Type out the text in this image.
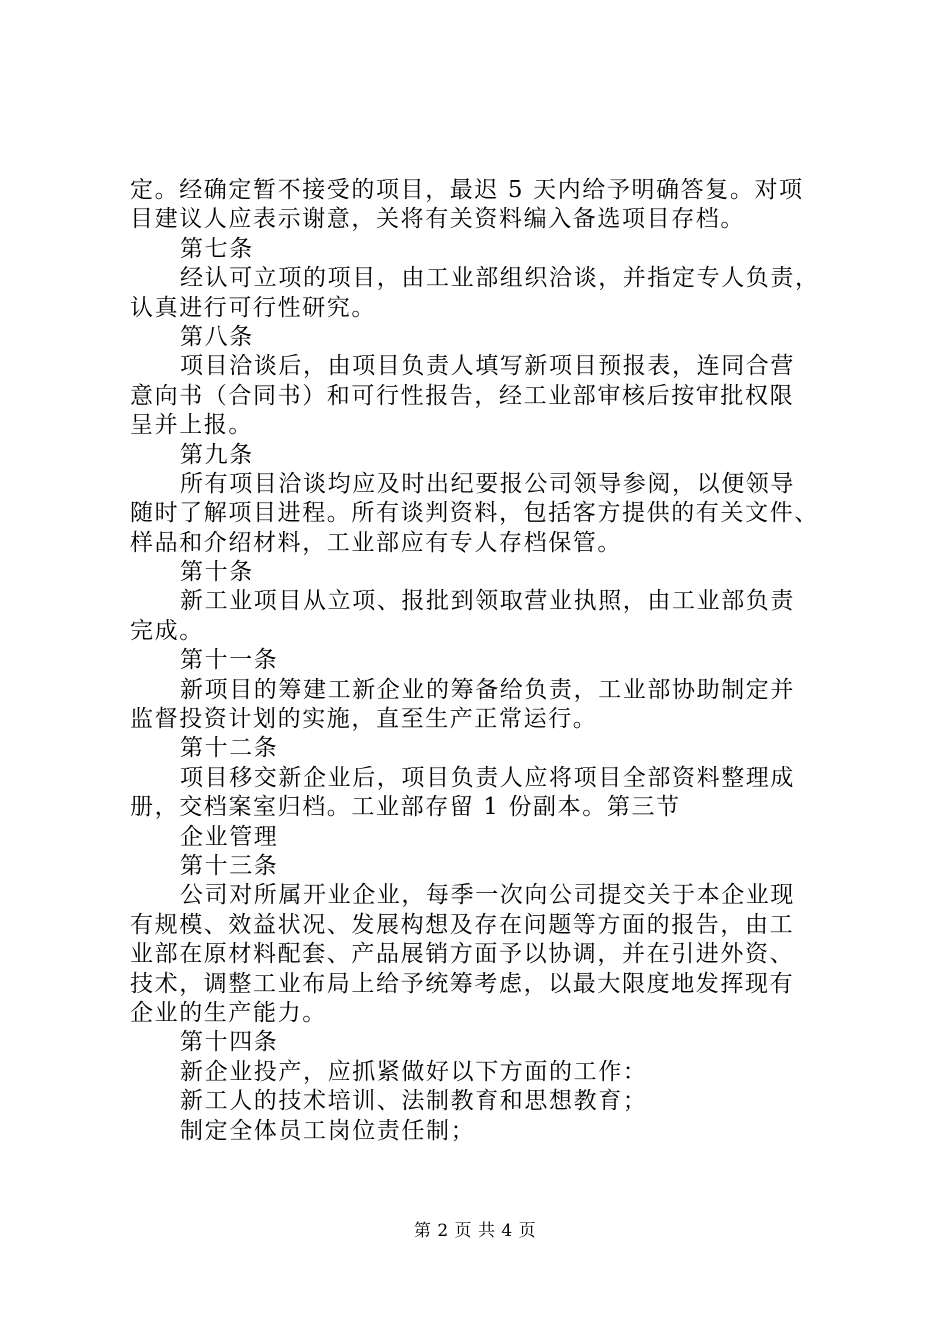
定。经确定暂不接受的项目，最迟 5 天内给予明确答复。对项
目建议人应表示谢意，关将有关资料编入备选项目存档。
第七条
经认可立项的项目，由工业部组织洽谈，并指定专人负责，
认真进行可行性研究。
第八条
项目洽谈后，由项目负责人填写新项目预报表，连同合营
意向书（合同书）和可行性报告，经工业部审核后按审批权限
呈并上报。
第九条
所有项目洽谈均应及时出纪要报公司领导参阅，以便领导
随时了解项目进程。所有谈判资料，包括客方提供的有关文件、
样品和介绍材料，工业部应有专人存档保管。
第十条
新工业项目从立项、报批到领取营业执照，由工业部负责
完成。
第十一条
新项目的筹建工新企业的筹备给负责，工业部协助制定并
监督投资计划的实施，直至生产正常运行。
第十二条
项目移交新企业后，项目负责人应将项目全部资料整理成
册，交档案室归档。工业部存留 1 份副本。第三节
企业管理
第十三条
公司对所属开业企业，每季一次向公司提交关于本企业现
有规模、效益状况、发展构想及存在问题等方面的报告，由工
业部在原材料配套、产品展销方面予以协调，并在引进外资、
技术，调整工业布局上给予统筹考虑，以最大限度地发挥现有
企业的生产能力。
第十四条
新企业投产，应抓紧做好以下方面的工作：
新工人的技术培训、法制教育和思想教育；
制定全体员工岗位责任制；
第 2 页 共 4 页
